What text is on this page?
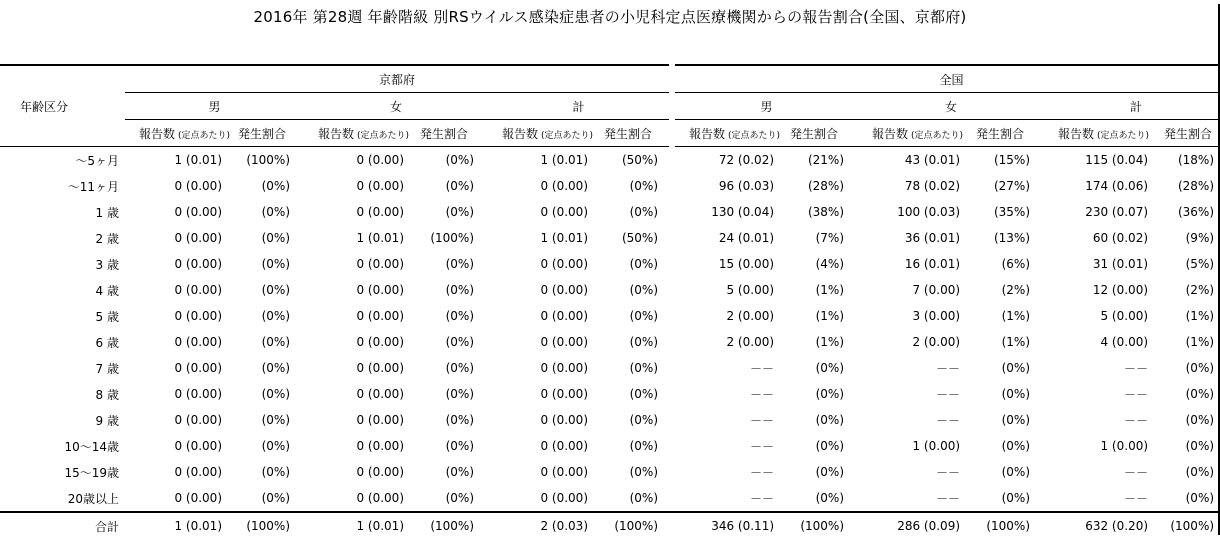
2016年 第28週 年齢階級 別RSウイルス感染症患者の小児科定点医療機関からの報告割合(全国、京都府)
年齢区分	京都府						全国					
	男		女		計		男		女		計	
	報告数 (定点あたり)	発生割合	報告数 (定点あたり)	発生割合	報告数 (定点あたり)	発生割合	報告数 (定点あたり)	発生割合	報告数 (定点あたり)	発生割合	報告数 (定点あたり)	発生割合
～5ヶ月	1 (0.01)	(100%)	0 (0.00)	(0%)	1 (0.01)	(50%)	72 (0.02)	(21%)	43 (0.01)	(15%)	115 (0.04)	(18%)
～11ヶ月	0 (0.00)	(0%)	0 (0.00)	(0%)	0 (0.00)	(0%)	96 (0.03)	(28%)	78 (0.02)	(27%)	174 (0.06)	(28%)
1 歳	0 (0.00)	(0%)	0 (0.00)	(0%)	0 (0.00)	(0%)	130 (0.04)	(38%)	100 (0.03)	(35%)	230 (0.07)	(36%)
2 歳	0 (0.00)	(0%)	1 (0.01)	(100%)	1 (0.01)	(50%)	24 (0.01)	(7%)	36 (0.01)	(13%)	60 (0.02)	(9%)
3 歳	0 (0.00)	(0%)	0 (0.00)	(0%)	0 (0.00)	(0%)	15 (0.00)	(4%)	16 (0.01)	(6%)	31 (0.01)	(5%)
4 歳	0 (0.00)	(0%)	0 (0.00)	(0%)	0 (0.00)	(0%)	5 (0.00)	(1%)	7 (0.00)	(2%)	12 (0.00)	(2%)
5 歳	0 (0.00)	(0%)	0 (0.00)	(0%)	0 (0.00)	(0%)	2 (0.00)	(1%)	3 (0.00)	(1%)	5 (0.00)	(1%)
6 歳	0 (0.00)	(0%)	0 (0.00)	(0%)	0 (0.00)	(0%)	2 (0.00)	(1%)	2 (0.00)	(1%)	4 (0.00)	(1%)
7 歳	0 (0.00)	(0%)	0 (0.00)	(0%)	0 (0.00)	(0%)	－－	(0%)	－－	(0%)	－－	(0%)
8 歳	0 (0.00)	(0%)	0 (0.00)	(0%)	0 (0.00)	(0%)	－－	(0%)	－－	(0%)	－－	(0%)
9 歳	0 (0.00)	(0%)	0 (0.00)	(0%)	0 (0.00)	(0%)	－－	(0%)	－－	(0%)	－－	(0%)
10～14歳	0 (0.00)	(0%)	0 (0.00)	(0%)	0 (0.00)	(0%)	－－	(0%)	1 (0.00)	(0%)	1 (0.00)	(0%)
15～19歳	0 (0.00)	(0%)	0 (0.00)	(0%)	0 (0.00)	(0%)	－－	(0%)	－－	(0%)	－－	(0%)
20歳以上	0 (0.00)	(0%)	0 (0.00)	(0%)	0 (0.00)	(0%)	－－	(0%)	－－	(0%)	－－	(0%)
合計	1 (0.01)	(100%)	1 (0.01)	(100%)	2 (0.03)	(100%)	346 (0.11)	(100%)	286 (0.09)	(100%)	632 (0.20)	(100%)
